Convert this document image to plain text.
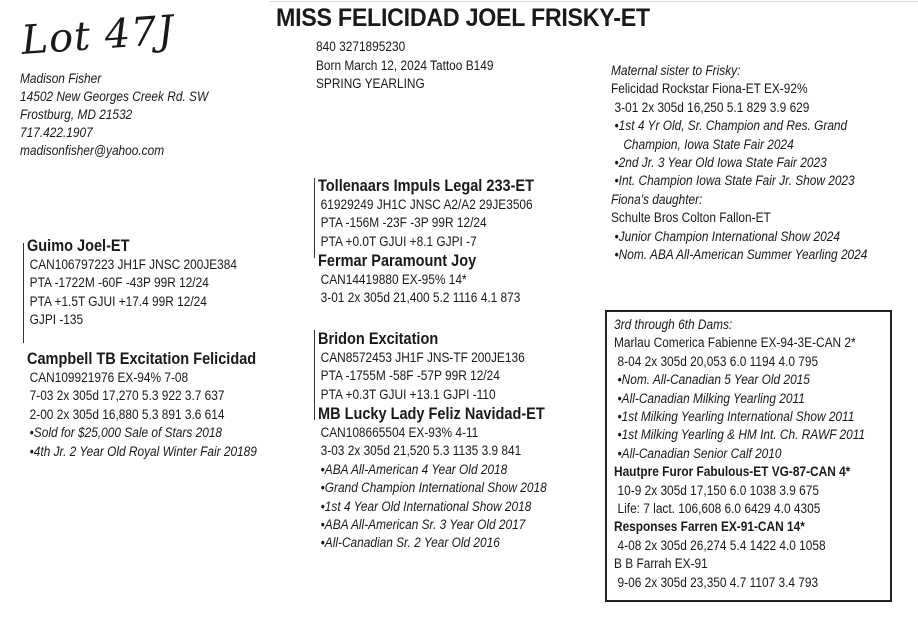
Lot 47J	MISS FELICIDAD JOEL FRISKY-ET
840 3271895230
Born March 12, 2024 Tattoo B149
SPRING YEARLING
Madison Fisher
14502 New Georges Creek Rd. SW
Frostburg, MD 21532
717.422.1907
madisonfisher@yahoo.com
Guimo Joel-ET
CAN106797223 JH1F JNSC 200JE384
PTA -1722M -60F -43P 99R 12/24
PTA +1.5T GJUI +17.4 99R 12/24
GJPI -135
Campbell TB Excitation Felicidad
CAN109921976 EX-94% 7-08
7-03 2x 305d 17,270 5.3 922 3.7 637
2-00 2x 305d 16,880 5.3 891 3.6 614
•Sold for $25,000 Sale of Stars 2018
•4th Jr. 2 Year Old Royal Winter Fair 20189
Tollenaars Impuls Legal 233-ET
61929249 JH1C JNSC A2/A2 29JE3506
PTA -156M -23F -3P 99R 12/24
PTA +0.0T GJUI +8.1 GJPI -7
Fermar Paramount Joy
CAN14419880 EX-95% 14*
3-01 2x 305d 21,400 5.2 1116 4.1 873
Bridon Excitation
CAN8572453 JH1F JNS-TF 200JE136
PTA -1755M -58F -57P 99R 12/24
PTA +0.3T GJUI +13.1 GJPI -110
MB Lucky Lady Feliz Navidad-ET
CAN108665504 EX-93% 4-11
3-03 2x 305d 21,520 5.3 1135 3.9 841
•ABA All-American 4 Year Old 2018
•Grand Champion International Show 2018
•1st 4 Year Old International Show 2018
•ABA All-American Sr. 3 Year Old 2017
•All-Canadian Sr. 2 Year Old 2016
Maternal sister to Frisky:
Felicidad Rockstar Fiona-ET EX-92%
3-01 2x 305d 16,250 5.1 829 3.9 629
•1st 4 Yr Old, Sr. Champion and Res. Grand
Champion, Iowa State Fair 2024
•2nd Jr. 3 Year Old Iowa State Fair 2023
•Int. Champion Iowa State Fair Jr. Show 2023
Fiona's daughter:
Schulte Bros Colton Fallon-ET
•Junior Champion International Show 2024
•Nom. ABA All-American Summer Yearling 2024
3rd through 6th Dams:
Marlau Comerica Fabienne EX-94-3E-CAN 2*
8-04 2x 305d 20,053 6.0 1194 4.0 795
•Nom. All-Canadian 5 Year Old 2015
•All-Canadian Milking Yearling 2011
•1st Milking Yearling International Show 2011
•1st Milking Yearling & HM Int. Ch. RAWF 2011
•All-Canadian Senior Calf 2010
Hautpre Furor Fabulous-ET VG-87-CAN 4*
10-9 2x 305d 17,150 6.0 1038 3.9 675
Life: 7 lact. 106,608 6.0 6429 4.0 4305
Responses Farren EX-91-CAN 14*
4-08 2x 305d 26,274 5.4 1422 4.0 1058
B B Farrah EX-91
9-06 2x 305d 23,350 4.7 1107 3.4 793
